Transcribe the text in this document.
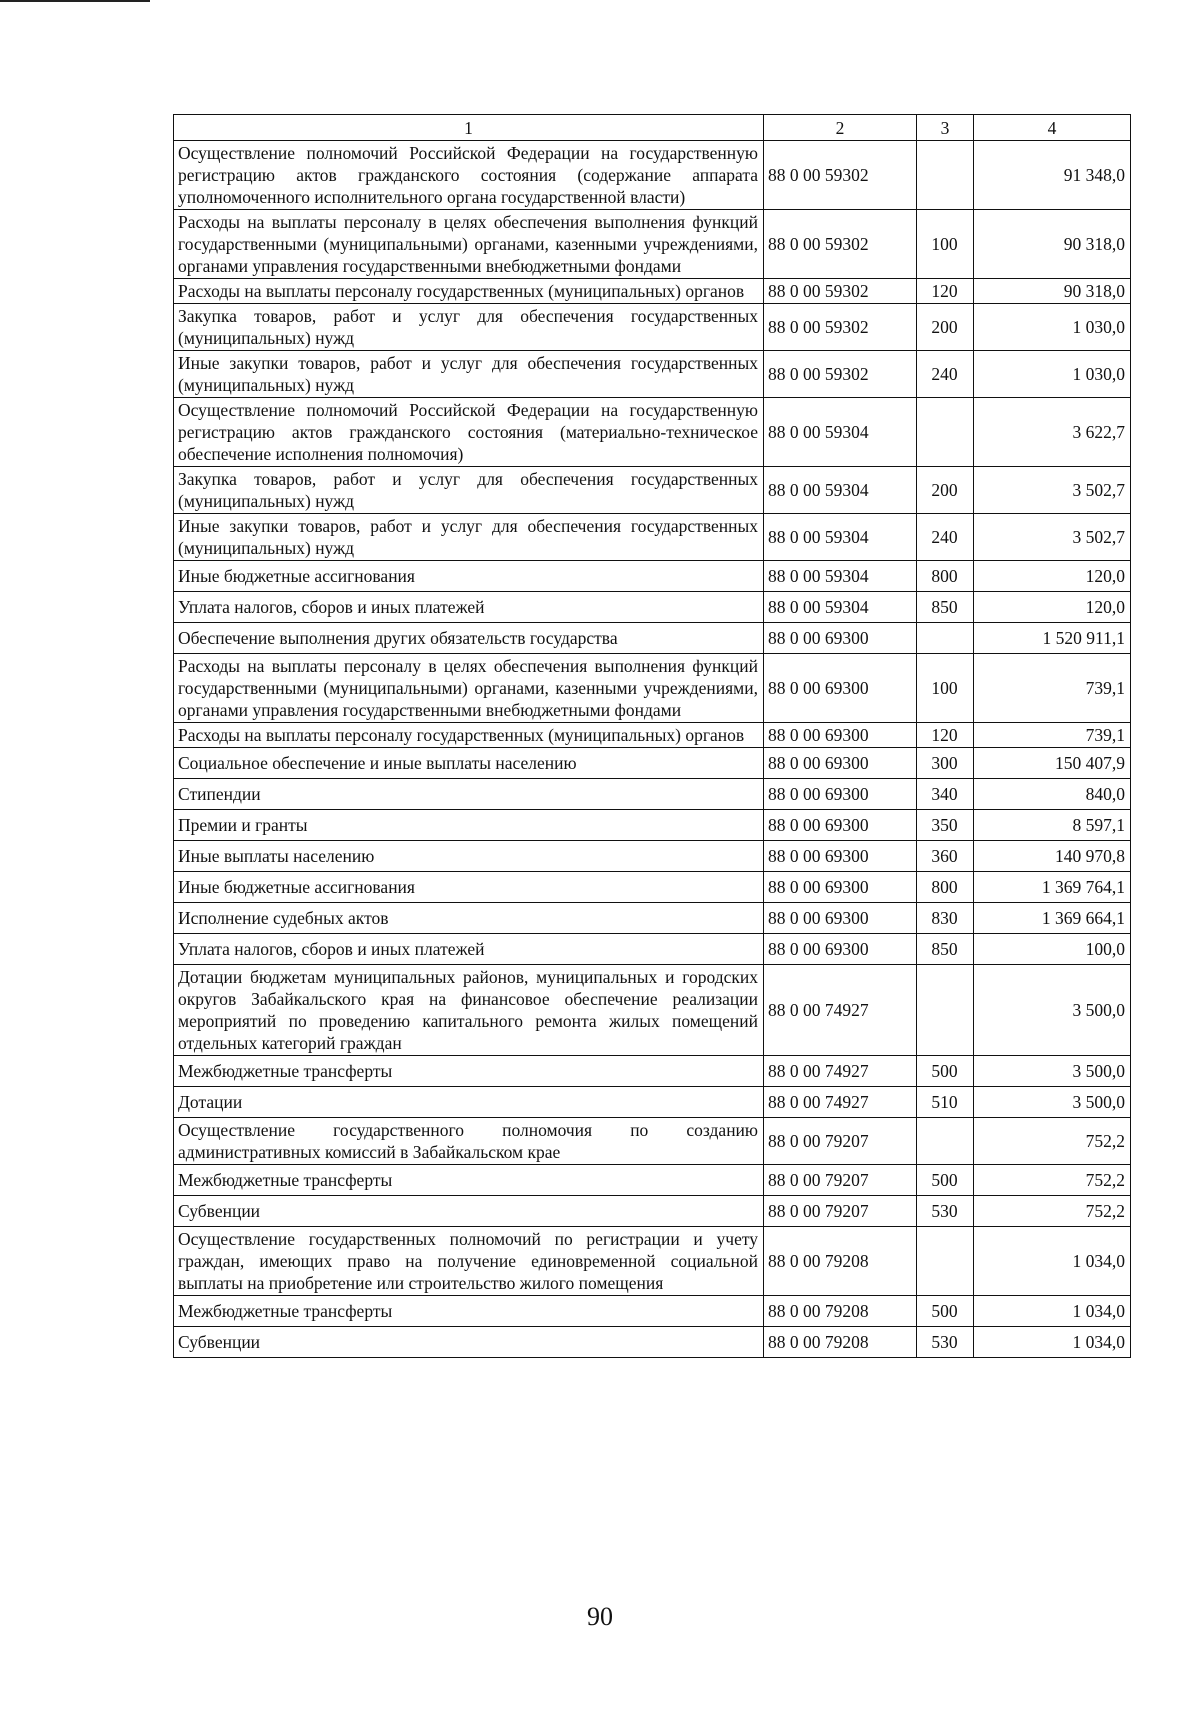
1	2	3	4
Осуществление полномочий Российской Федерации на государственную регистрацию актов гражданского состояния (содержание аппарата уполномоченного исполнительного органа государственной власти)	88 0 00 59302		91 348,0
Расходы на выплаты персоналу в целях обеспечения выполнения функций государственными (муниципальными) органами, казенными учреждениями, органами управления государственными внебюджетными фондами	88 0 00 59302	100	90 318,0
Расходы на выплаты персоналу государственных (муниципальных) органов	88 0 00 59302	120	90 318,0
Закупка товаров, работ и услуг для обеспечения государственных (муниципальных) нужд	88 0 00 59302	200	1 030,0
Иные закупки товаров, работ и услуг для обеспечения государственных (муниципальных) нужд	88 0 00 59302	240	1 030,0
Осуществление полномочий Российской Федерации на государственную регистрацию актов гражданского состояния (материально-техническое обеспечение исполнения полномочия)	88 0 00 59304		3 622,7
Закупка товаров, работ и услуг для обеспечения государственных (муниципальных) нужд	88 0 00 59304	200	3 502,7
Иные закупки товаров, работ и услуг для обеспечения государственных (муниципальных) нужд	88 0 00 59304	240	3 502,7
Иные бюджетные ассигнования	88 0 00 59304	800	120,0
Уплата налогов, сборов и иных платежей	88 0 00 59304	850	120,0
Обеспечение выполнения других обязательств государства	88 0 00 69300		1 520 911,1
Расходы на выплаты персоналу в целях обеспечения выполнения функций государственными (муниципальными) органами, казенными учреждениями, органами управления государственными внебюджетными фондами	88 0 00 69300	100	739,1
Расходы на выплаты персоналу государственных (муниципальных) органов	88 0 00 69300	120	739,1
Социальное обеспечение и иные выплаты населению	88 0 00 69300	300	150 407,9
Стипендии	88 0 00 69300	340	840,0
Премии и гранты	88 0 00 69300	350	8 597,1
Иные выплаты населению	88 0 00 69300	360	140 970,8
Иные бюджетные ассигнования	88 0 00 69300	800	1 369 764,1
Исполнение судебных актов	88 0 00 69300	830	1 369 664,1
Уплата налогов, сборов и иных платежей	88 0 00 69300	850	100,0
Дотации бюджетам муниципальных районов, муниципальных и городских округов Забайкальского края на финансовое обеспечение реализации мероприятий по проведению капитального ремонта жилых помещений отдельных категорий граждан	88 0 00 74927		3 500,0
Межбюджетные трансферты	88 0 00 74927	500	3 500,0
Дотации	88 0 00 74927	510	3 500,0
Осуществление государственного полномочия по созданию административных комиссий в Забайкальском крае	88 0 00 79207		752,2
Межбюджетные трансферты	88 0 00 79207	500	752,2
Субвенции	88 0 00 79207	530	752,2
Осуществление государственных полномочий по регистрации и учету граждан, имеющих право на получение единовременной социальной выплаты на приобретение или строительство жилого помещения	88 0 00 79208		1 034,0
Межбюджетные трансферты	88 0 00 79208	500	1 034,0
Субвенции	88 0 00 79208	530	1 034,0
90
